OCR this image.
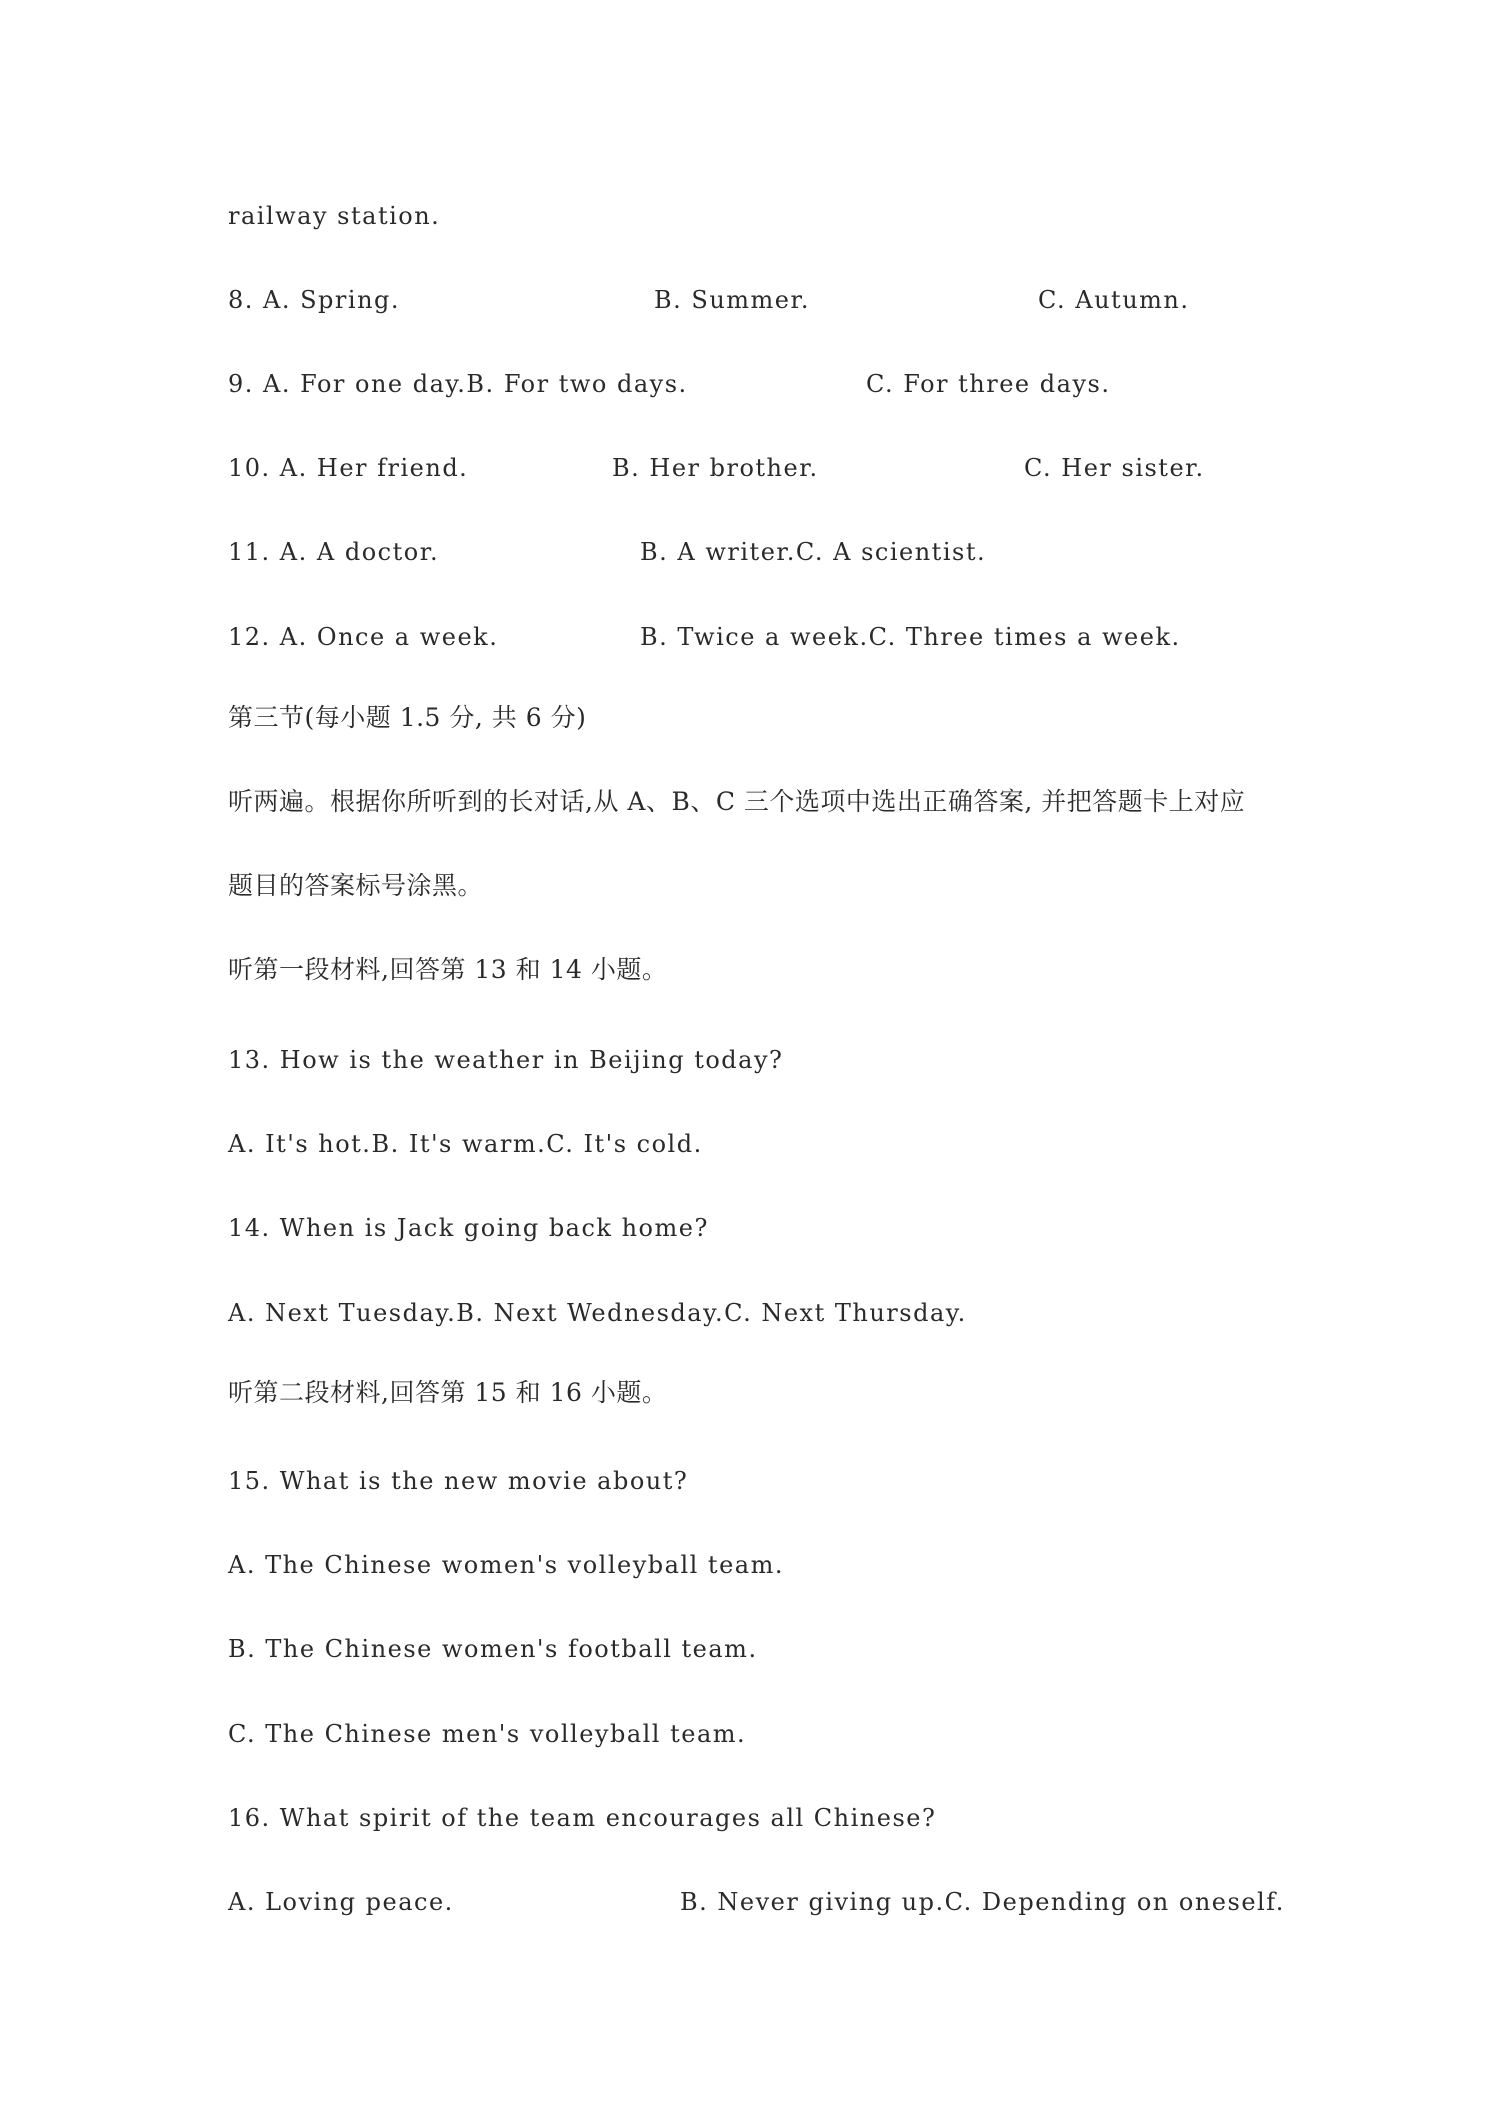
railway station.
8. A. Spring.	B. Summer.	C. Autumn.
9. A. For one day.B. For two days.	C. For three days.
10. A. Her friend.	B. Her brother.	C. Her sister.
11. A. A doctor.	B. A writer.C. A scientist.
12. A. Once a week.	B. Twice a week.C. Three times a week.
第三节(每小题 1.5 分, 共 6 分)
听两遍。根据你所听到的长对话,从 A、B、C 三个选项中选出正确答案, 并把答题卡上对应
题目的答案标号涂黑。
听第一段材料,回答第 13 和 14 小题。
13. How is the weather in Beijing today?
A. It's hot.B. It's warm.C. It's cold.
14. When is Jack going back home?
A. Next Tuesday.B. Next Wednesday.C. Next Thursday.
听第二段材料,回答第 15 和 16 小题。
15. What is the new movie about?
A. The Chinese women's volleyball team.
B. The Chinese women's football team.
C. The Chinese men's volleyball team.
16. What spirit of the team encourages all Chinese?
A. Loving peace.	B. Never giving up.C. Depending on oneself.
